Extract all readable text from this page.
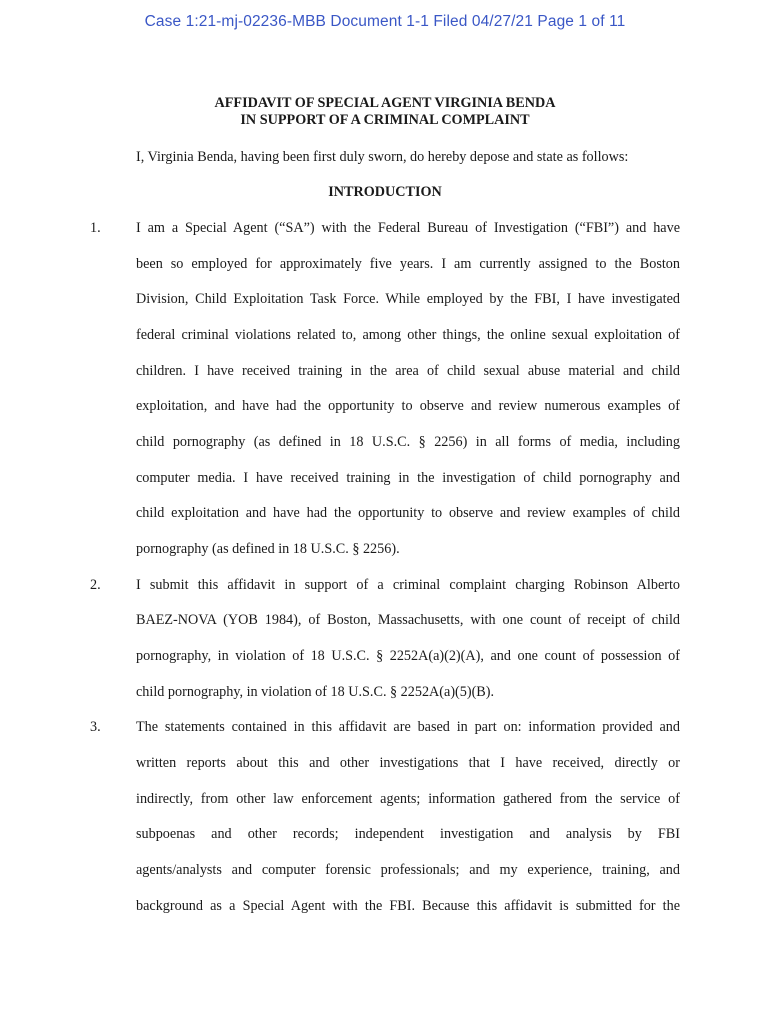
Case 1:21-mj-02236-MBB Document 1-1 Filed 04/27/21 Page 1 of 11
AFFIDAVIT OF SPECIAL AGENT VIRGINIA BENDA
IN SUPPORT OF A CRIMINAL COMPLAINT
I, Virginia Benda, having been first duly sworn, do hereby depose and state as follows:
INTRODUCTION
1. I am a Special Agent (“SA”) with the Federal Bureau of Investigation (“FBI”) and have
been so employed for approximately five years. I am currently assigned to the Boston
Division, Child Exploitation Task Force. While employed by the FBI, I have investigated
federal criminal violations related to, among other things, the online sexual exploitation of
children. I have received training in the area of child sexual abuse material and child
exploitation, and have had the opportunity to observe and review numerous examples of
child pornography (as defined in 18 U.S.C. § 2256) in all forms of media, including
computer media. I have received training in the investigation of child pornography and
child exploitation and have had the opportunity to observe and review examples of child
pornography (as defined in 18 U.S.C. § 2256).
2. I submit this affidavit in support of a criminal complaint charging Robinson Alberto
BAEZ-NOVA (YOB 1984), of Boston, Massachusetts, with one count of receipt of child
pornography, in violation of 18 U.S.C. § 2252A(a)(2)(A), and one count of possession of
child pornography, in violation of 18 U.S.C. § 2252A(a)(5)(B).
3. The statements contained in this affidavit are based in part on: information provided and
written reports about this and other investigations that I have received, directly or
indirectly, from other law enforcement agents; information gathered from the service of
subpoenas and other records; independent investigation and analysis by FBI
agents/analysts and computer forensic professionals; and my experience, training, and
background as a Special Agent with the FBI. Because this affidavit is submitted for the
